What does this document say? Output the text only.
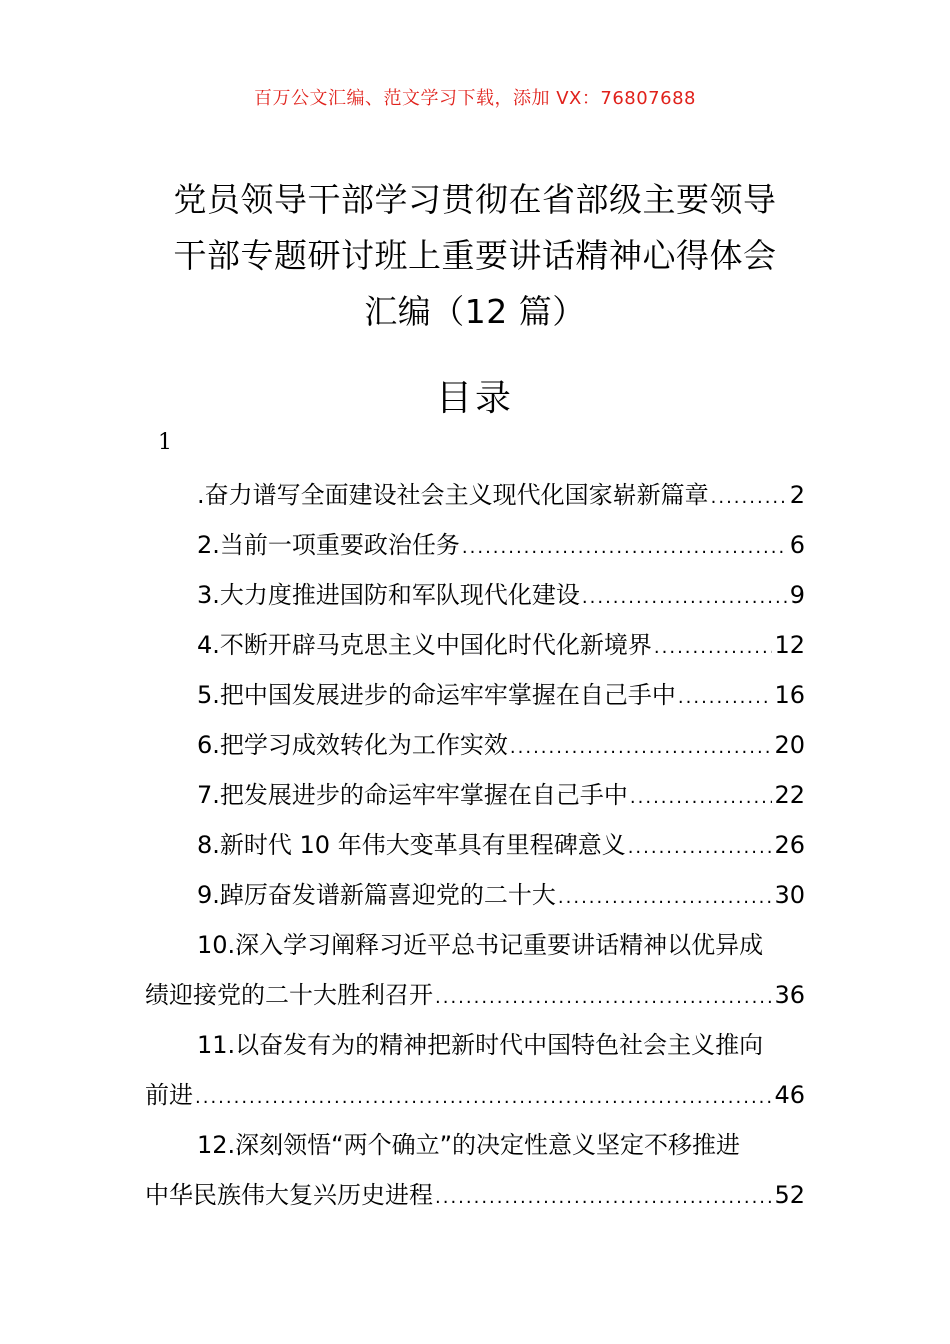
百万公文汇编、范文学习下载，添加 VX：76807688
党员领导干部学习贯彻在省部级主要领导
干部专题研讨班上重要讲话精神心得体会
汇编（12 篇）
目录
1
.奋力谱写全面建设社会主义现代化国家崭新篇章 .....	2
2.当前一项重要政治任务 .....	6
3.大力度推进国防和军队现代化建设 .....	9
4.不断开辟马克思主义中国化时代化新境界 .....	12
5.把中国发展进步的命运牢牢掌握在自己手中 .....	16
6.把学习成效转化为工作实效 .....	20
7.把发展进步的命运牢牢掌握在自己手中 .....	22
8.新时代 10 年伟大变革具有里程碑意义 .....	26
9.踔厉奋发谱新篇喜迎党的二十大 .....	30
10.深入学习阐释习近平总书记重要讲话精神以优异成
绩迎接党的二十大胜利召开 .....	36
11.以奋发有为的精神把新时代中国特色社会主义推向
前进 .....	46
12.深刻领悟“两个确立”的决定性意义坚定不移推进
中华民族伟大复兴历史进程 .....	52
